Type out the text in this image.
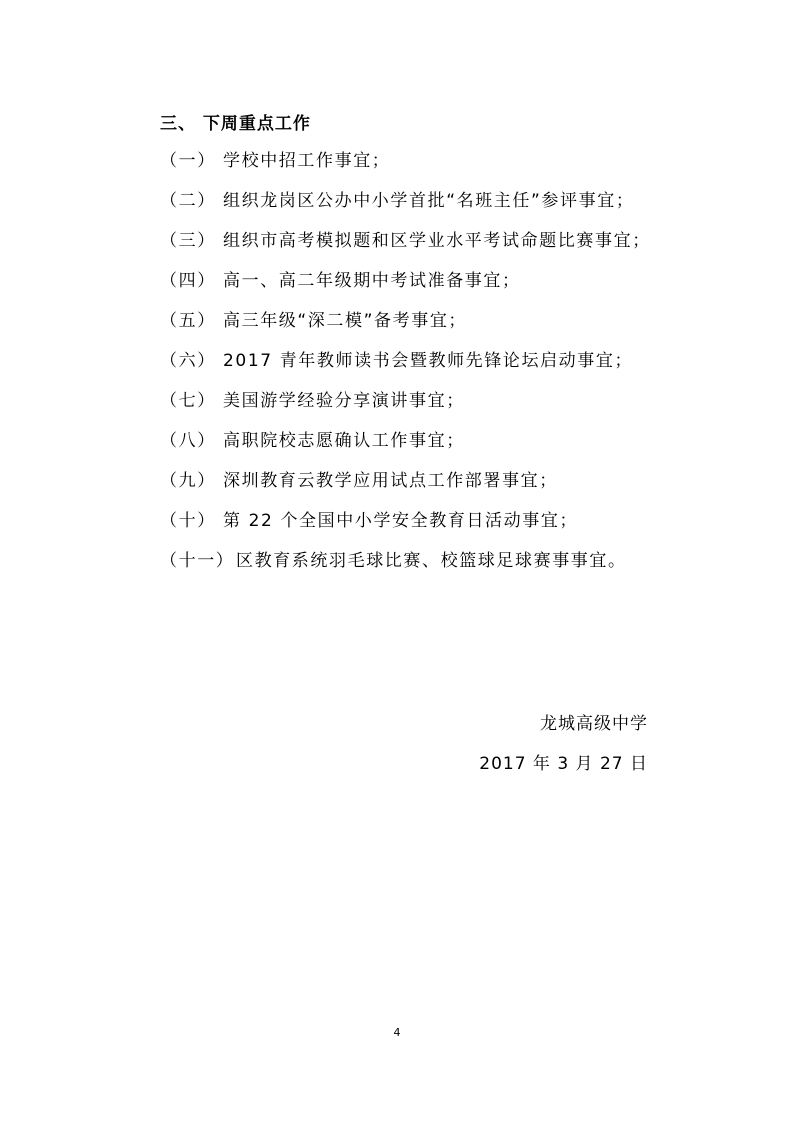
三、 下周重点工作
（一） 学校中招工作事宜；
（二） 组织龙岗区公办中小学首批“名班主任”参评事宜；
（三） 组织市高考模拟题和区学业水平考试命题比赛事宜；
（四） 高一、高二年级期中考试准备事宜；
（五） 高三年级“深二模”备考事宜；
（六） 2017 青年教师读书会暨教师先锋论坛启动事宜；
（七） 美国游学经验分享演讲事宜；
（八） 高职院校志愿确认工作事宜；
（九） 深圳教育云教学应用试点工作部署事宜；
（十） 第 22 个全国中小学安全教育日活动事宜；
（十一）区教育系统羽毛球比赛、校篮球足球赛事事宜。
龙城高级中学
2017 年 3 月 27 日
4
